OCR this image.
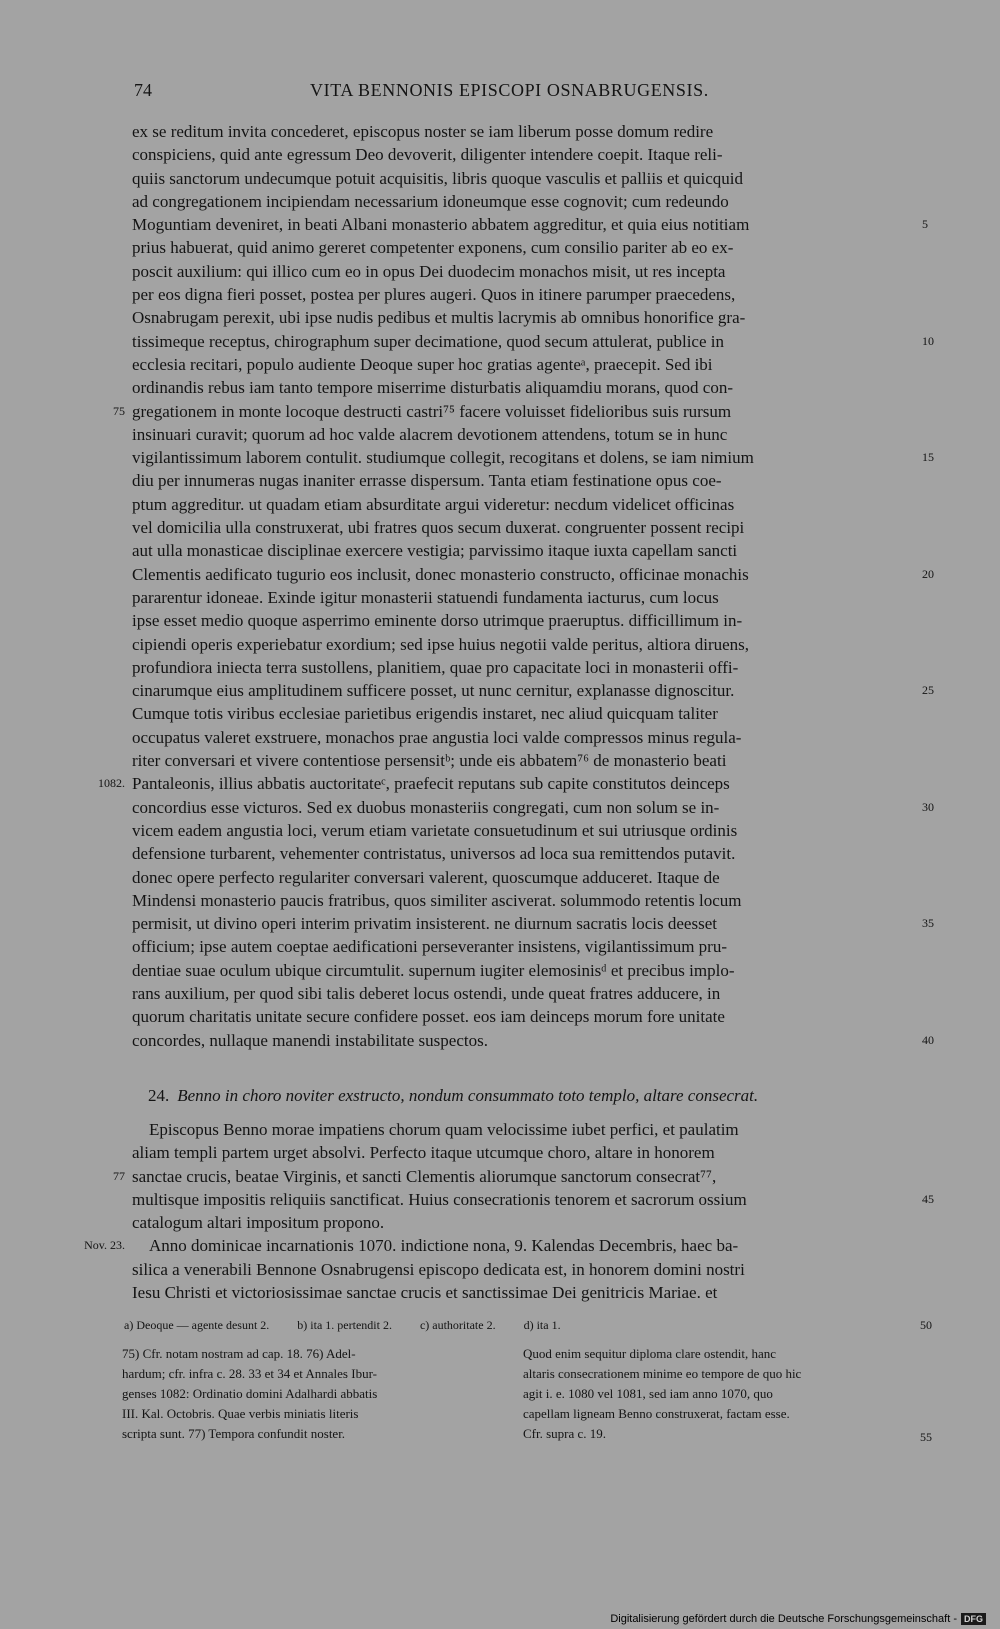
74	VITA BENNONIS EPISCOPI OSNABRUGENSIS.
ex se reditum invita concederet, episcopus noster se iam liberum posse domum redire
conspiciens, quid ante egressum Deo devoverit, diligenter intendere coepit. Itaque reli-
quiis sanctorum undecumque potuit acquisitis, libris quoque vasculis et palliis et quicquid
ad congregationem incipiendam necessarium idoneumque esse cognovit; cum redeundo
Moguntiam deveniret, in beati Albani monasterio abbatem aggreditur, et quia eius notitiam	5
prius habuerat, quid animo gereret competenter exponens, cum consilio pariter ab eo ex-
poscit auxilium: qui illico cum eo in opus Dei duodecim monachos misit, ut res incepta
per eos digna fieri posset, postea per plures augeri. Quos in itinere parumper praecedens,
Osnabrugam perexit, ubi ipse nudis pedibus et multis lacrymis ab omnibus honorifice gra-
tissimeque receptus, chirographum super decimatione, quod secum attulerat, publice in	10
ecclesia recitari, populo audiente Deoque super hoc gratias agenteᵃ, praecepit. Sed ibi
ordinandis rebus iam tanto tempore miserrime disturbatis aliquamdiu morans, quod con-
75 gregationem in monte locoque destructi castri⁷⁵ facere voluisset fidelioribus suis rursum
insinuari curavit; quorum ad hoc valde alacrem devotionem attendens, totum se in hunc
vigilantissimum laborem contulit. studiumque collegit, recogitans et dolens, se iam nimium	15
diu per innumeras nugas inaniter errasse dispersum. Tanta etiam festinatione opus coe-
ptum aggreditur. ut quadam etiam absurditate argui videretur: necdum videlicet officinas
vel domicilia ulla construxerat, ubi fratres quos secum duxerat. congruenter possent recipi
aut ulla monasticae disciplinae exercere vestigia; parvissimo itaque iuxta capellam sancti
Clementis aedificato tugurio eos inclusit, donec monasterio constructo, officinae monachis	20
pararentur idoneae. Exinde igitur monasterii statuendi fundamenta iacturus, cum locus
ipse esset medio quoque asperrimo eminente dorso utrimque praeruptus. difficillimum in-
cipiendi operis experiebatur exordium; sed ipse huius negotii valde peritus, altiora diruens,
profundiora iniecta terra sustollens, planitiem, quae pro capacitate loci in monasterii offi-
cinarumque eius amplitudinem sufficere posset, ut nunc cernitur, explanasse dignoscitur.	25
Cumque totis viribus ecclesiae parietibus erigendis instaret, nec aliud quicquam taliter
occupatus valeret exstruere, monachos prae angustia loci valde compressos minus regula-
riter conversari et vivere contentiose persensitᵇ; unde eis abbatem⁷⁶ de monasterio beati
1082. Pantaleonis, illius abbatis auctoritateᶜ, praefecit reputans sub capite constitutos deinceps
concordius esse victuros. Sed ex duobus monasteriis congregati, cum non solum se in-	30
vicem eadem angustia loci, verum etiam varietate consuetudinum et sui utriusque ordinis
defensione turbarent, vehementer contristatus, universos ad loca sua remittendos putavit.
donec opere perfecto regulariter conversari valerent, quoscumque adduceret. Itaque de
Mindensi monasterio paucis fratribus, quos similiter asciverat. solummodo retentis locum
permisit, ut divino operi interim privatim insisterent. ne diurnum sacratis locis deesset	35
officium; ipse autem coeptae aedificationi perseveranter insistens, vigilantissimum pru-
dentiae suae oculum ubique circumtulit. supernum iugiter elemosinisᵈ et precibus implo-
rans auxilium, per quod sibi talis deberet locus ostendi, unde queat fratres adducere, in
quorum charitatis unitate secure confidere posset. eos iam deinceps morum fore unitate
concordes, nullaque manendi instabilitate suspectos.	40
24. Benno in choro noviter exstructo, nondum consummato toto templo, altare consecrat.
 Episcopus Benno morae impatiens chorum quam velocissime iubet perfici, et paulatim
aliam templi partem urget absolvi. Perfecto itaque utcumque choro, altare in honorem
77 sanctae crucis, beatae Virginis, et sancti Clementis aliorumque sanctorum consecrat⁷⁷,
multisque impositis reliquiis sanctificat. Huius consecrationis tenorem et sacrorum ossium	45
catalogum altari impositum propono.
Nov. 23.  Anno dominicae incarnationis 1070. indictione nona, 9. Kalendas Decembris, haec ba-
silica a venerabili Bennone Osnabrugensi episcopo dedicata est, in honorem domini nostri
Iesu Christi et victoriosissimae sanctae crucis et sanctissimae Dei genitricis Mariae. et
a) Deoque — agente desunt 2. b) ita 1. pertendit 2. c) authoritate 2. d) ita 1.	50
75) Cfr. notam nostram ad cap. 18. 76) Adel-
hardum; cfr. infra c. 28. 33 et 34 et Annales Ibur-
genses 1082: Ordinatio domini Adalhardi abbatis
III. Kal. Octobris. Quae verbis miniatis literis
scripta sunt. 77) Tempora confundit noster.
Quod enim sequitur diploma clare ostendit, hanc
altaris consecrationem minime eo tempore de quo hic
agit i. e. 1080 vel 1081, sed iam anno 1070, quo
capellam ligneam Benno construxerat, factam esse.
Cfr. supra c. 19.	55
Digitalisierung gefördert durch die Deutsche Forschungsgemeinschaft - DFG
